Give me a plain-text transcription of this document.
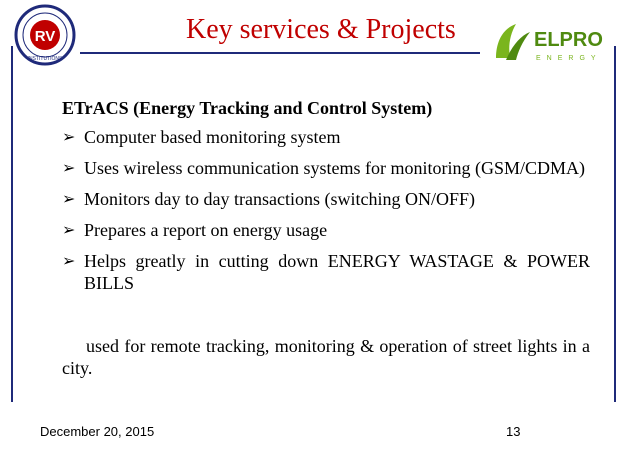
RV
INSTITUTIONS
Key services & Projects	ELPRO
ENERGY
ETrACS (Energy Tracking and Control System)
➢ Computer based monitoring system
➢ Uses wireless communication systems for monitoring (GSM/CDMA)
➢ Monitors day to day transactions (switching ON/OFF)
➢ Prepares a report on energy usage
➢ Helps greatly in cutting down ENERGY WASTAGE & POWER BILLS
used for remote tracking, monitoring & operation of street lights in a city.
December 20, 2015	13
